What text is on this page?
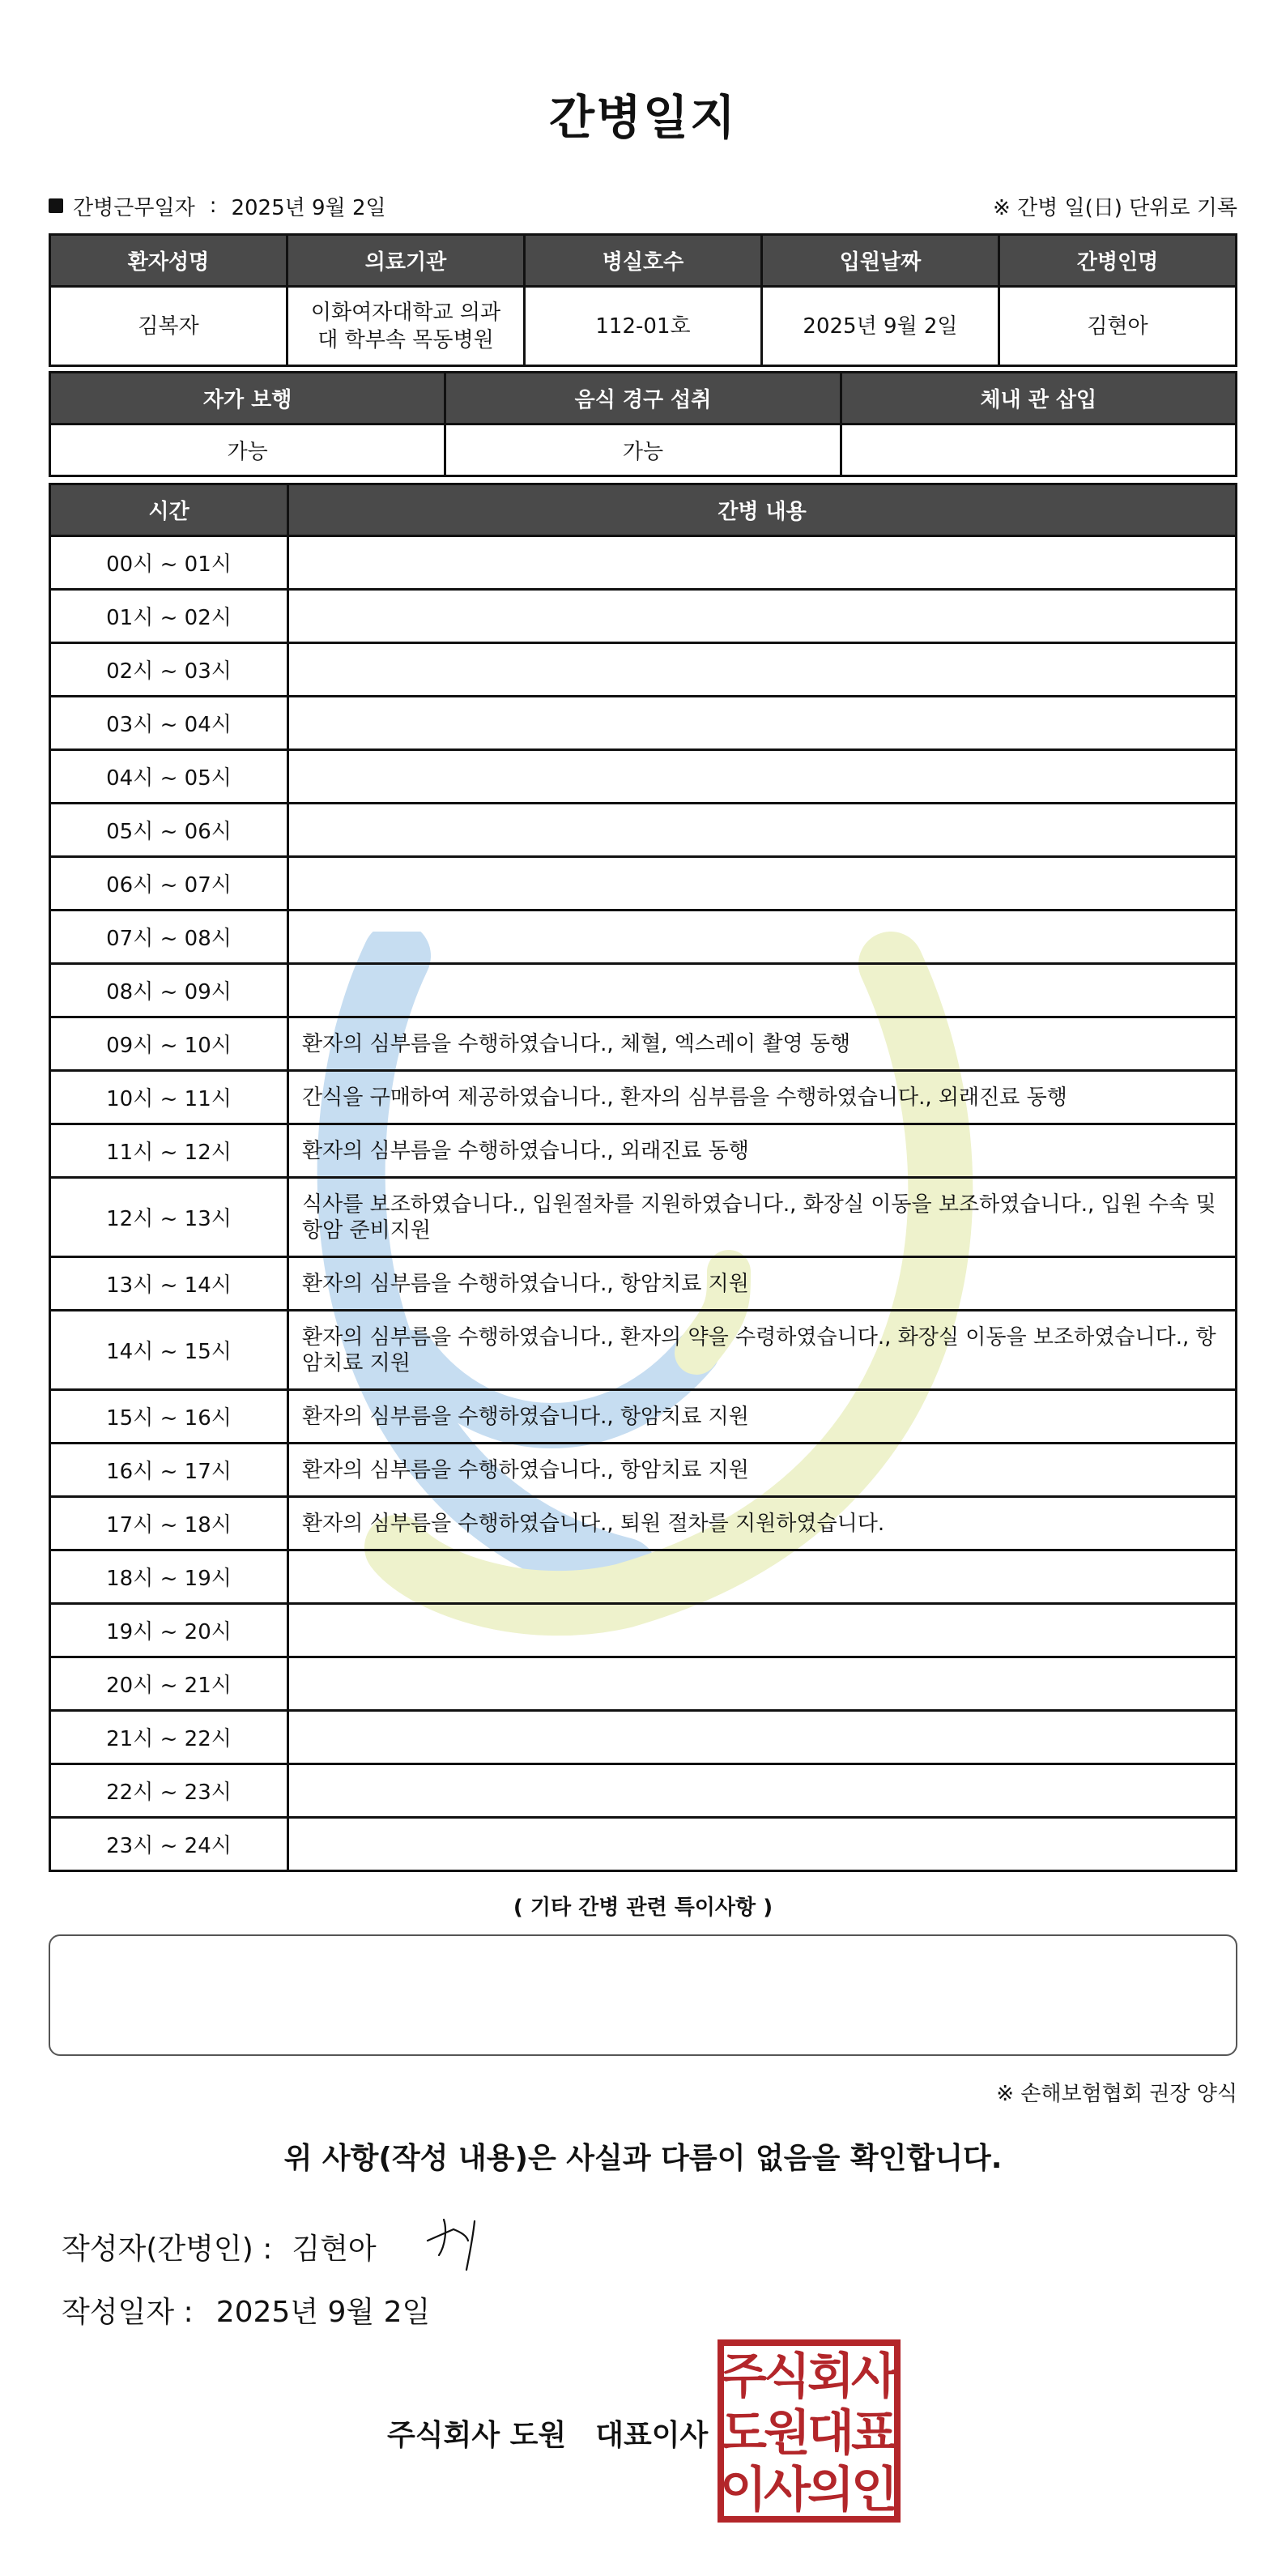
간병일지
간병근무일자 : 2025년 9월 2일	※ 간병 일(日) 단위로 기록
환자성명	의료기관	병실호수	입원날짜	간병인명
김복자	이화여자대학교 의과대 학부속 목동병원	112-01호	2025년 9월 2일	김현아
자가 보행	음식 경구 섭취	체내 관 삽입
가능	가능	
시간	간병 내용
00시 ~ 01시	
01시 ~ 02시	
02시 ~ 03시	
03시 ~ 04시	
04시 ~ 05시	
05시 ~ 06시	
06시 ~ 07시	
07시 ~ 08시	
08시 ~ 09시	
09시 ~ 10시	환자의 심부름을 수행하였습니다., 체혈, 엑스레이 촬영 동행
10시 ~ 11시	간식을 구매하여 제공하였습니다., 환자의 심부름을 수행하였습니다., 외래진료 동행
11시 ~ 12시	환자의 심부름을 수행하였습니다., 외래진료 동행
12시 ~ 13시	식사를 보조하였습니다., 입원절차를 지원하였습니다., 화장실 이동을 보조하였습니다., 입원 수속 및 항암 준비지원
13시 ~ 14시	환자의 심부름을 수행하였습니다., 항암치료 지원
14시 ~ 15시	환자의 심부름을 수행하였습니다., 환자의 약을 수령하였습니다., 화장실 이동을 보조하였습니다., 항암치료 지원
15시 ~ 16시	환자의 심부름을 수행하였습니다., 항암치료 지원
16시 ~ 17시	환자의 심부름을 수행하였습니다., 항암치료 지원
17시 ~ 18시	환자의 심부름을 수행하였습니다., 퇴원 절차를 지원하였습니다.
18시 ~ 19시	
19시 ~ 20시	
20시 ~ 21시	
21시 ~ 22시	
22시 ~ 23시	
23시 ~ 24시	
( 기타 간병 관련 특이사항 )
※ 손해보험협회 권장 양식
위 사항(작성 내용)은 사실과 다름이 없음을 확인합니다.
작성자(간병인) : 김현아
작성일자 : 2025년 9월 2일
주식회사 도원 대표이사
주
식
회
사
도
원
대
표
이
사
의
인
